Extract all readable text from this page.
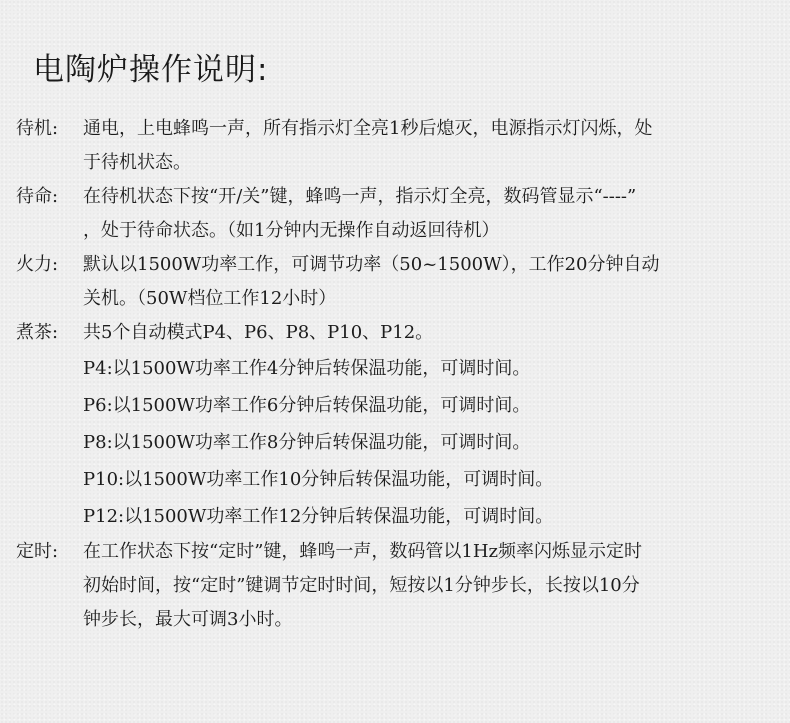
电陶炉操作说明:
待机:	通电，上电蜂鸣一声，所有指示灯全亮1秒后熄灭，电源指示灯闪烁，处
于待机状态。
待命:	在待机状态下按“开/关”键，蜂鸣一声，指示灯全亮，数码管显示“----”
，处于待命状态。（如1分钟内无操作自动返回待机）
火力:	默认以1500W功率工作，可调节功率（50~1500W），工作20分钟自动
关机。（50W档位工作12小时）
煮茶:	共5个自动模式P4、P6、P8、P10、P12。
P4:以1500W功率工作4分钟后转保温功能，可调时间。
P6:以1500W功率工作6分钟后转保温功能，可调时间。
P8:以1500W功率工作8分钟后转保温功能，可调时间。
P10:以1500W功率工作10分钟后转保温功能，可调时间。
P12:以1500W功率工作12分钟后转保温功能，可调时间。
定时:	在工作状态下按“定时”键，蜂鸣一声，数码管以1Hz频率闪烁显示定时
初始时间，按“定时”键调节定时时间，短按以1分钟步长，长按以10分
钟步长，最大可调3小时。
